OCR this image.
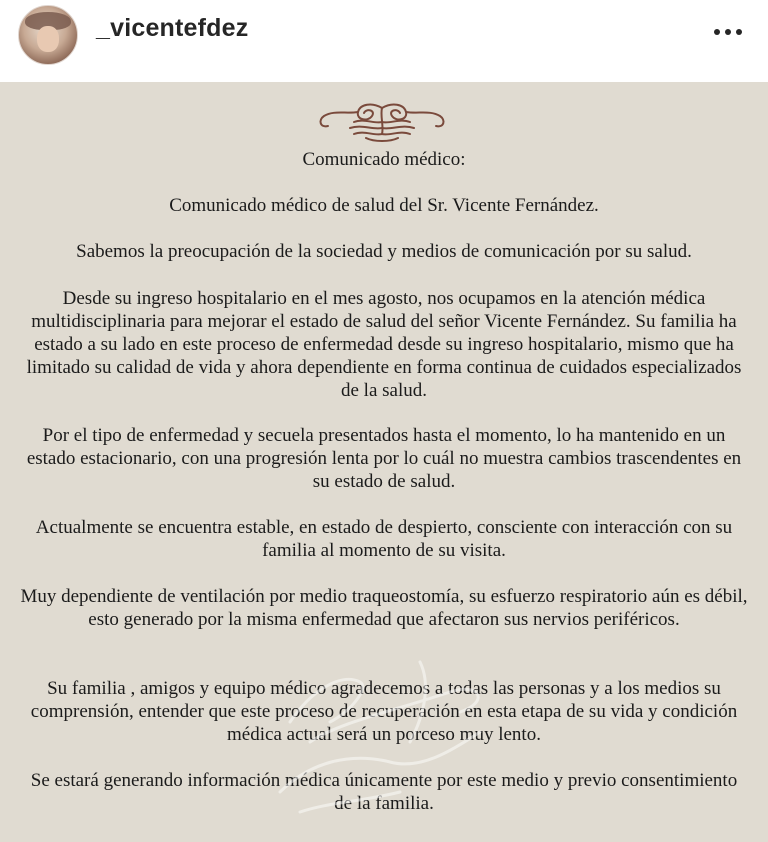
_vicentefdez
Comunicado médico:
Comunicado médico de salud del Sr. Vicente Fernández.
Sabemos la preocupación de la sociedad y medios de comunicación por su salud.
Desde su ingreso hospitalario en el mes agosto, nos ocupamos en la atención médica multidisciplinaria para mejorar el estado de salud del señor Vicente Fernández. Su familia ha estado a su lado en este proceso de enfermedad desde su ingreso hospitalario, mismo que ha limitado su calidad de vida y ahora dependiente en forma continua de cuidados especializados de la salud.
Por el tipo de enfermedad y secuela presentados hasta el momento, lo ha mantenido en un estado estacionario, con una progresión lenta por lo cuál no muestra cambios trascendentes en su estado de salud.
Actualmente se encuentra estable, en estado de despierto, consciente con interacción con su familia al momento de su visita.
Muy dependiente de ventilación por medio traqueostomía, su esfuerzo respiratorio aún es débil, esto generado por la misma enfermedad que afectaron sus nervios periféricos.
Su familia , amigos y equipo médico agradecemos a todas las personas y a los medios su comprensión, entender que este proceso de recuperación en esta etapa de su vida y condición médica actual será un porceso muy lento.
Se estará generando información médica únicamente por este medio y previo consentimiento de la familia.
